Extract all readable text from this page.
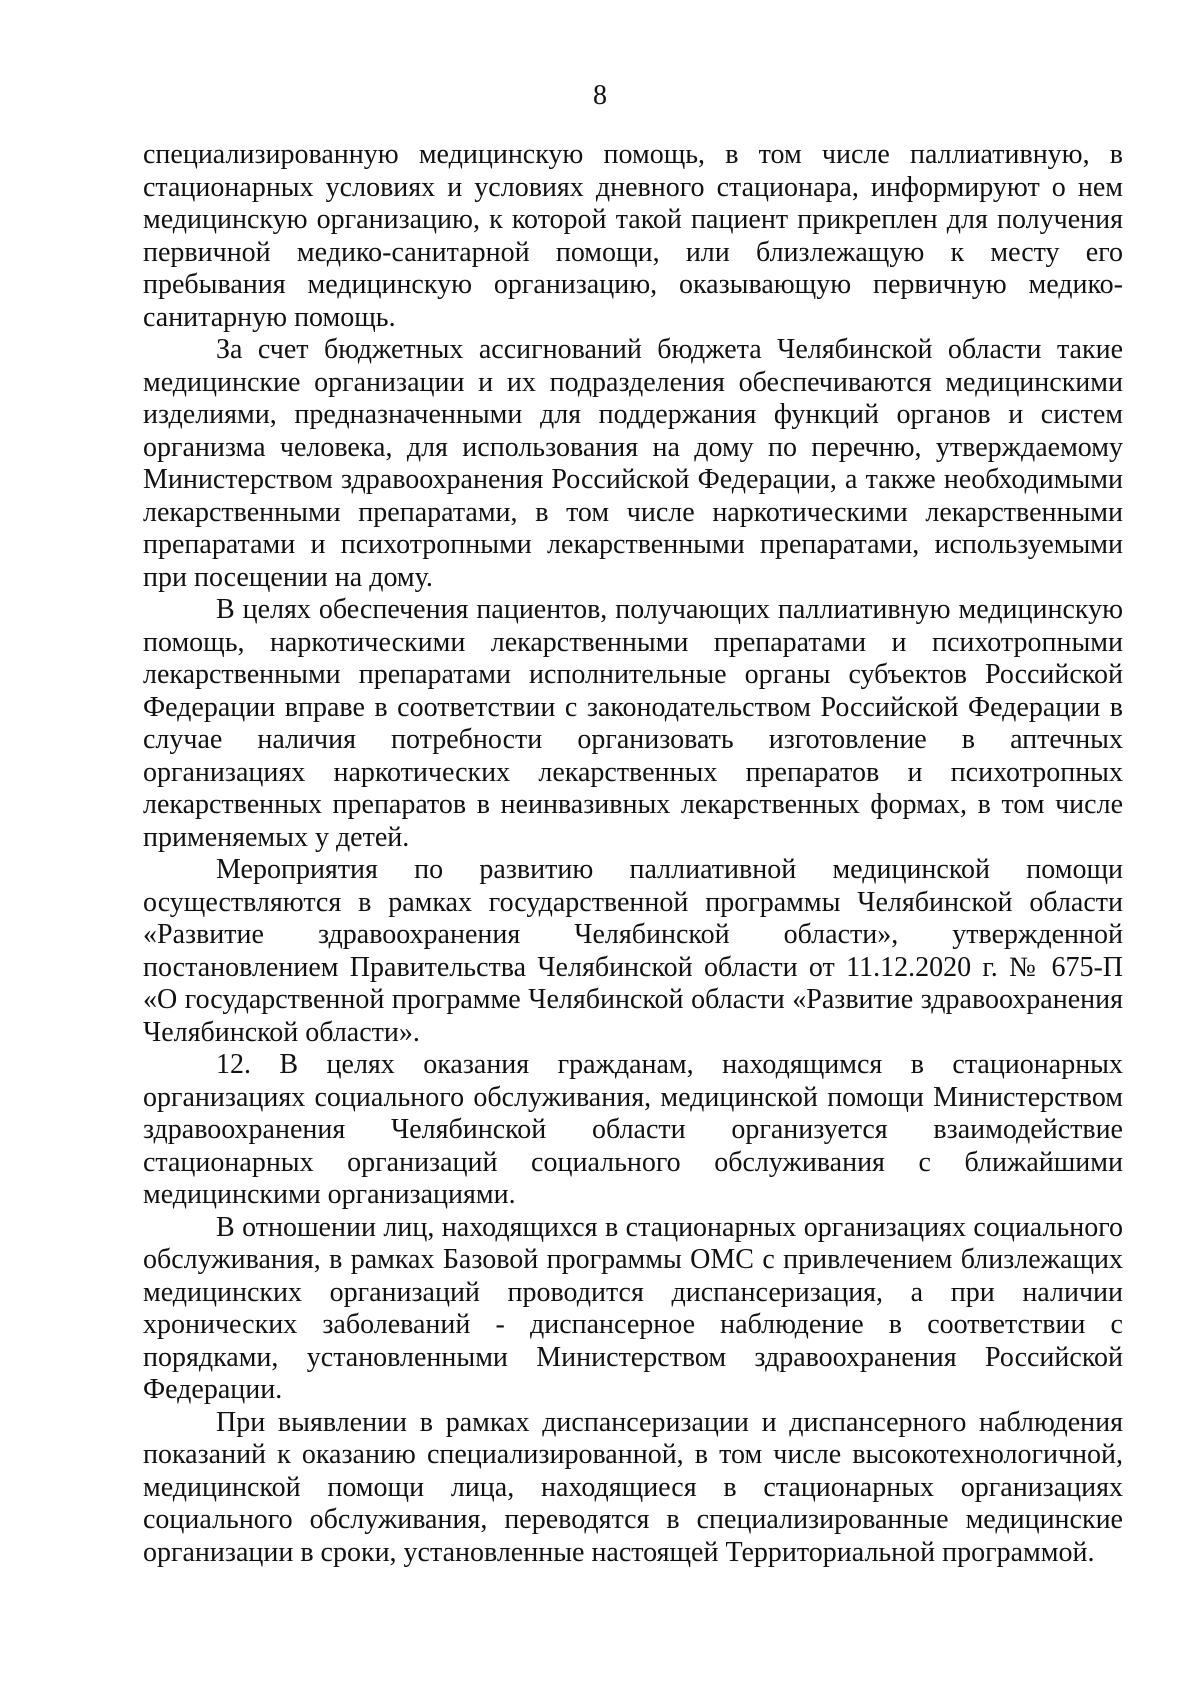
8

специализированную медицинскую помощь, в том числе паллиативную, в стационарных условиях и условиях дневного стационара, информируют о нем медицинскую организацию, к которой такой пациент прикреплен для получения первичной медико-санитарной помощи, или близлежащую к месту его пребывания медицинскую организацию, оказывающую первичную медико-санитарную помощь.

За счет бюджетных ассигнований бюджета Челябинской области такие медицинские организации и их подразделения обеспечиваются медицинскими изделиями, предназначенными для поддержания функций органов и систем организма человека, для использования на дому по перечню, утверждаемому Министерством здравоохранения Российской Федерации, а также необходимыми лекарственными препаратами, в том числе наркотическими лекарственными препаратами и психотропными лекарственными препаратами, используемыми при посещении на дому.

В целях обеспечения пациентов, получающих паллиативную медицинскую помощь, наркотическими лекарственными препаратами и психотропными лекарственными препаратами исполнительные органы субъектов Российской Федерации вправе в соответствии с законодательством Российской Федерации в случае наличия потребности организовать изготовление в аптечных организациях наркотических лекарственных препаратов и психотропных лекарственных препаратов в неинвазивных лекарственных формах, в том числе применяемых у детей.

Мероприятия по развитию паллиативной медицинской помощи осуществляются в рамках государственной программы Челябинской области «Развитие здравоохранения Челябинской области», утвержденной постановлением Правительства Челябинской области от 11.12.2020 г. № 675-П «О государственной программе Челябинской области «Развитие здравоохранения Челябинской области».

12. В целях оказания гражданам, находящимся в стационарных организациях социального обслуживания, медицинской помощи Министерством здравоохранения Челябинской области организуется взаимодействие стационарных организаций социального обслуживания с ближайшими медицинскими организациями.

В отношении лиц, находящихся в стационарных организациях социального обслуживания, в рамках Базовой программы ОМС с привлечением близлежащих медицинских организаций проводится диспансеризация, а при наличии хронических заболеваний - диспансерное наблюдение в соответствии с порядками, установленными Министерством здравоохранения Российской Федерации.

При выявлении в рамках диспансеризации и диспансерного наблюдения показаний к оказанию специализированной, в том числе высокотехнологичной, медицинской помощи лица, находящиеся в стационарных организациях социального обслуживания, переводятся в специализированные медицинские организации в сроки, установленные настоящей Территориальной программой.
